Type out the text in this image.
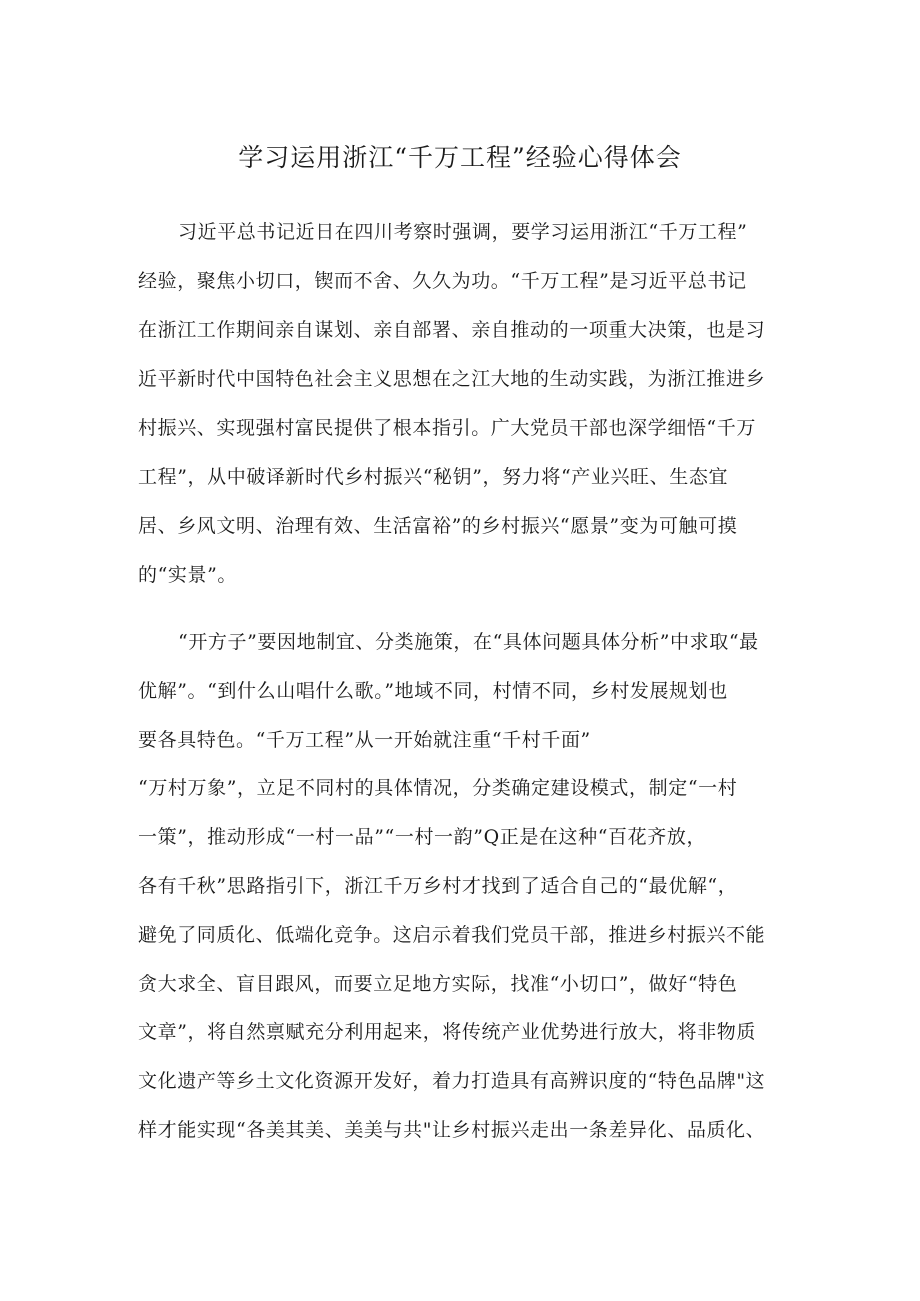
学习运用浙江“千万工程”经验心得体会
习近平总书记近日在四川考察时强调，要学习运用浙江“千万工程”
经验，聚焦小切口，锲而不舍、久久为功。“千万工程”是习近平总书记
在浙江工作期间亲自谋划、亲自部署、亲自推动的一项重大决策，也是习
近平新时代中国特色社会主义思想在之江大地的生动实践，为浙江推进乡
村振兴、实现强村富民提供了根本指引。广大党员干部也深学细悟“千万
工程”，从中破译新时代乡村振兴“秘钥”，努力将“产业兴旺、生态宜
居、乡风文明、治理有效、生活富裕”的乡村振兴“愿景”变为可触可摸
的“实景”。
“开方子”要因地制宜、分类施策，在“具体问题具体分析”中求取“最
优解”。“到什么山唱什么歌。”地域不同，村情不同，乡村发展规划也
要各具特色。“千万工程”从一开始就注重“千村千面”
“万村万象”，立足不同村的具体情况，分类确定建设模式，制定“一村
一策”，推动形成“一村一品”“一村一韵”Q正是在这种“百花齐放，
各有千秋”思路指引下，浙江千万乡村才找到了适合自己的“最优解“，
避免了同质化、低端化竞争。这启示着我们党员干部，推进乡村振兴不能
贪大求全、盲目跟风，而要立足地方实际，找准“小切口”，做好“特色
文章”，将自然禀赋充分利用起来，将传统产业优势进行放大，将非物质
文化遗产等乡土文化资源开发好，着力打造具有高辨识度的“特色品牌"这
样才能实现“各美其美、美美与共"让乡村振兴走出一条差异化、品质化、
